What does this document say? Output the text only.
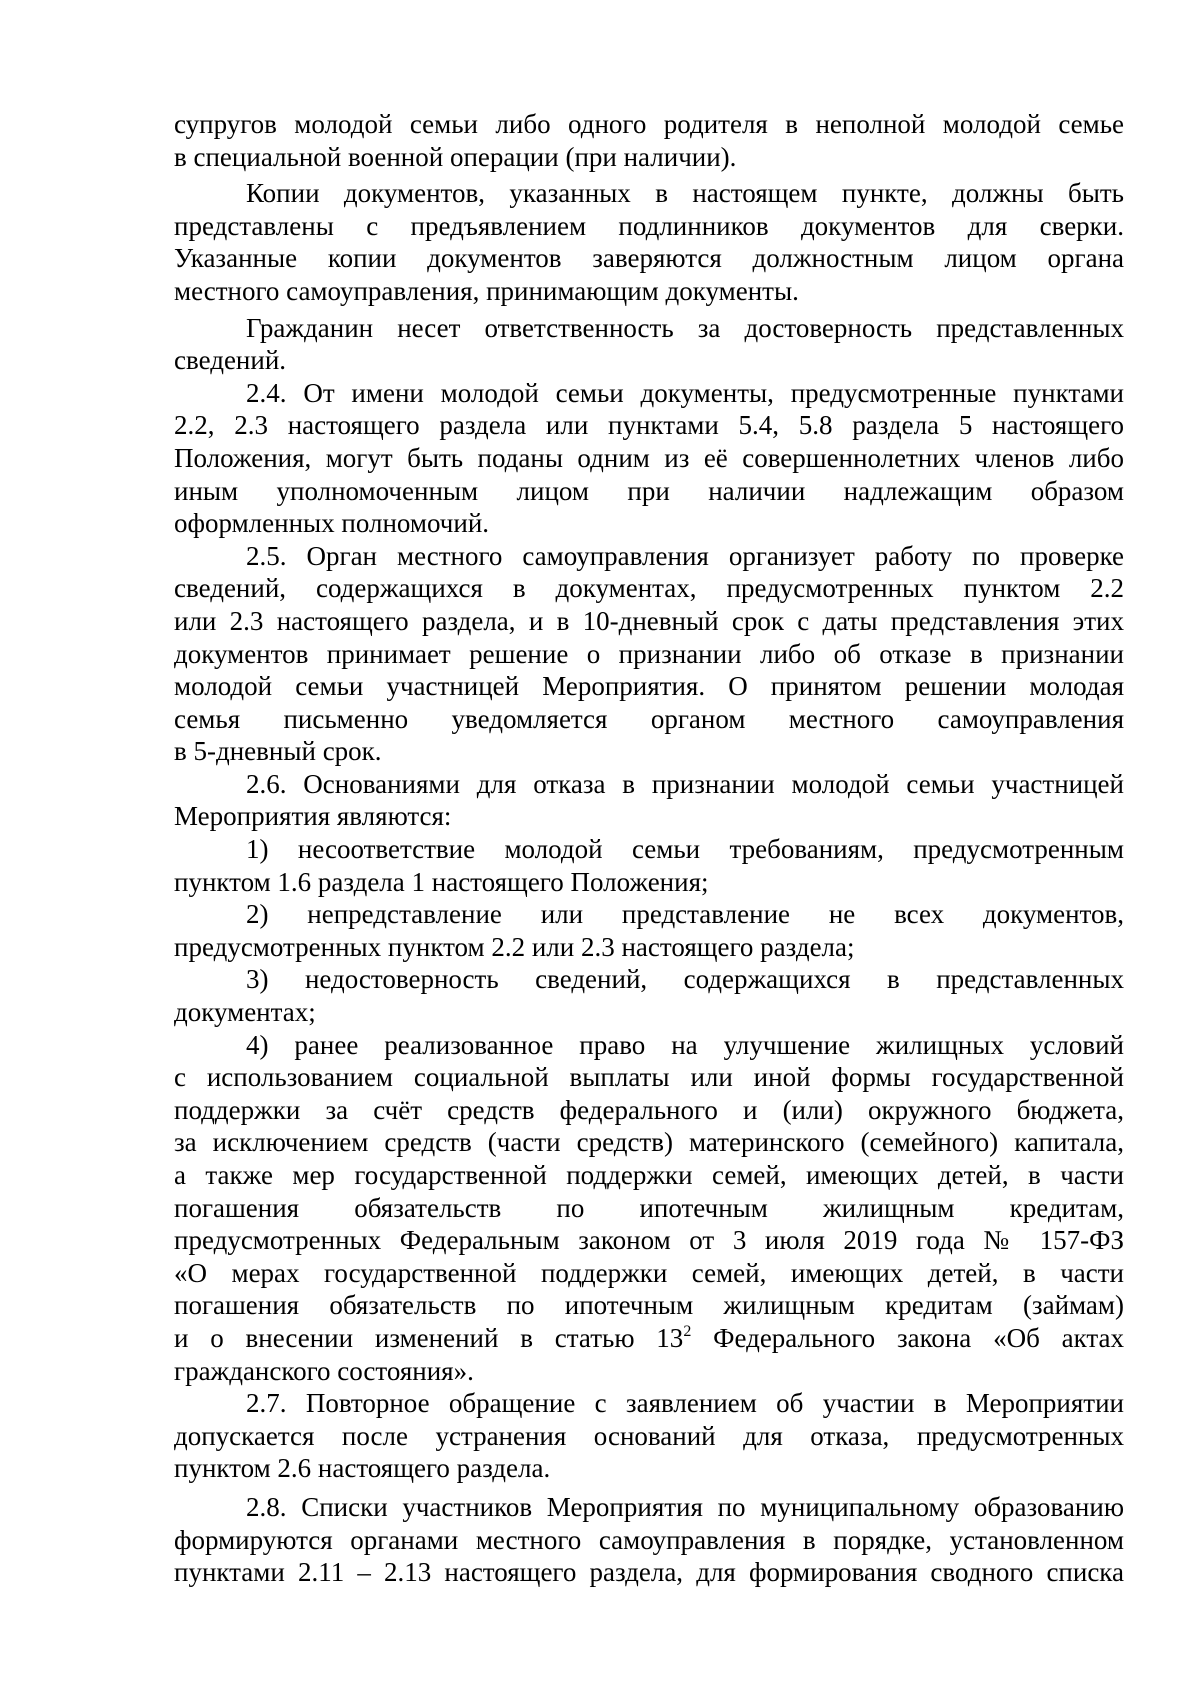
супругов молодой семьи либо одного родителя в неполной молодой семье
в специальной военной операции (при наличии).
Копии документов, указанных в настоящем пункте, должны быть
представлены с предъявлением подлинников документов для сверки.
Указанные копии документов заверяются должностным лицом органа
местного самоуправления, принимающим документы.
Гражданин несет ответственность за достоверность представленных
сведений.
2.4. От имени молодой семьи документы, предусмотренные пунктами
2.2, 2.3 настоящего раздела или пунктами 5.4, 5.8 раздела 5 настоящего
Положения, могут быть поданы одним из её совершеннолетних членов либо
иным уполномоченным лицом при наличии надлежащим образом
оформленных полномочий.
2.5. Орган местного самоуправления организует работу по проверке
сведений, содержащихся в документах, предусмотренных пунктом 2.2
или 2.3 настоящего раздела, и в 10-дневный срок с даты представления этих
документов принимает решение о признании либо об отказе в признании
молодой семьи участницей Мероприятия. О принятом решении молодая
семья письменно уведомляется органом местного самоуправления
в 5-дневный срок.
2.6. Основаниями для отказа в признании молодой семьи участницей
Мероприятия являются:
1) несоответствие молодой семьи требованиям, предусмотренным
пунктом 1.6 раздела 1 настоящего Положения;
2) непредставление или представление не всех документов,
предусмотренных пунктом 2.2 или 2.3 настоящего раздела;
3) недостоверность сведений, содержащихся в представленных
документах;
4) ранее реализованное право на улучшение жилищных условий
с использованием социальной выплаты или иной формы государственной
поддержки за счёт средств федерального и (или) окружного бюджета,
за исключением средств (части средств) материнского (семейного) капитала,
а также мер государственной поддержки семей, имеющих детей, в части
погашения обязательств по ипотечным жилищным кредитам,
предусмотренных Федеральным законом от 3 июля 2019 года № 157-ФЗ
«О мерах государственной поддержки семей, имеющих детей, в части
погашения обязательств по ипотечным жилищным кредитам (займам)
и о внесении изменений в статью $13^2$ Федерального закона «Об актах
гражданского состояния».
2.7. Повторное обращение с заявлением об участии в Мероприятии
допускается после устранения оснований для отказа, предусмотренных
пунктом 2.6 настоящего раздела.
2.8. Списки участников Мероприятия по муниципальному образованию
формируются органами местного самоуправления в порядке, установленном
пунктами 2.11 – 2.13 настоящего раздела, для формирования сводного списка
